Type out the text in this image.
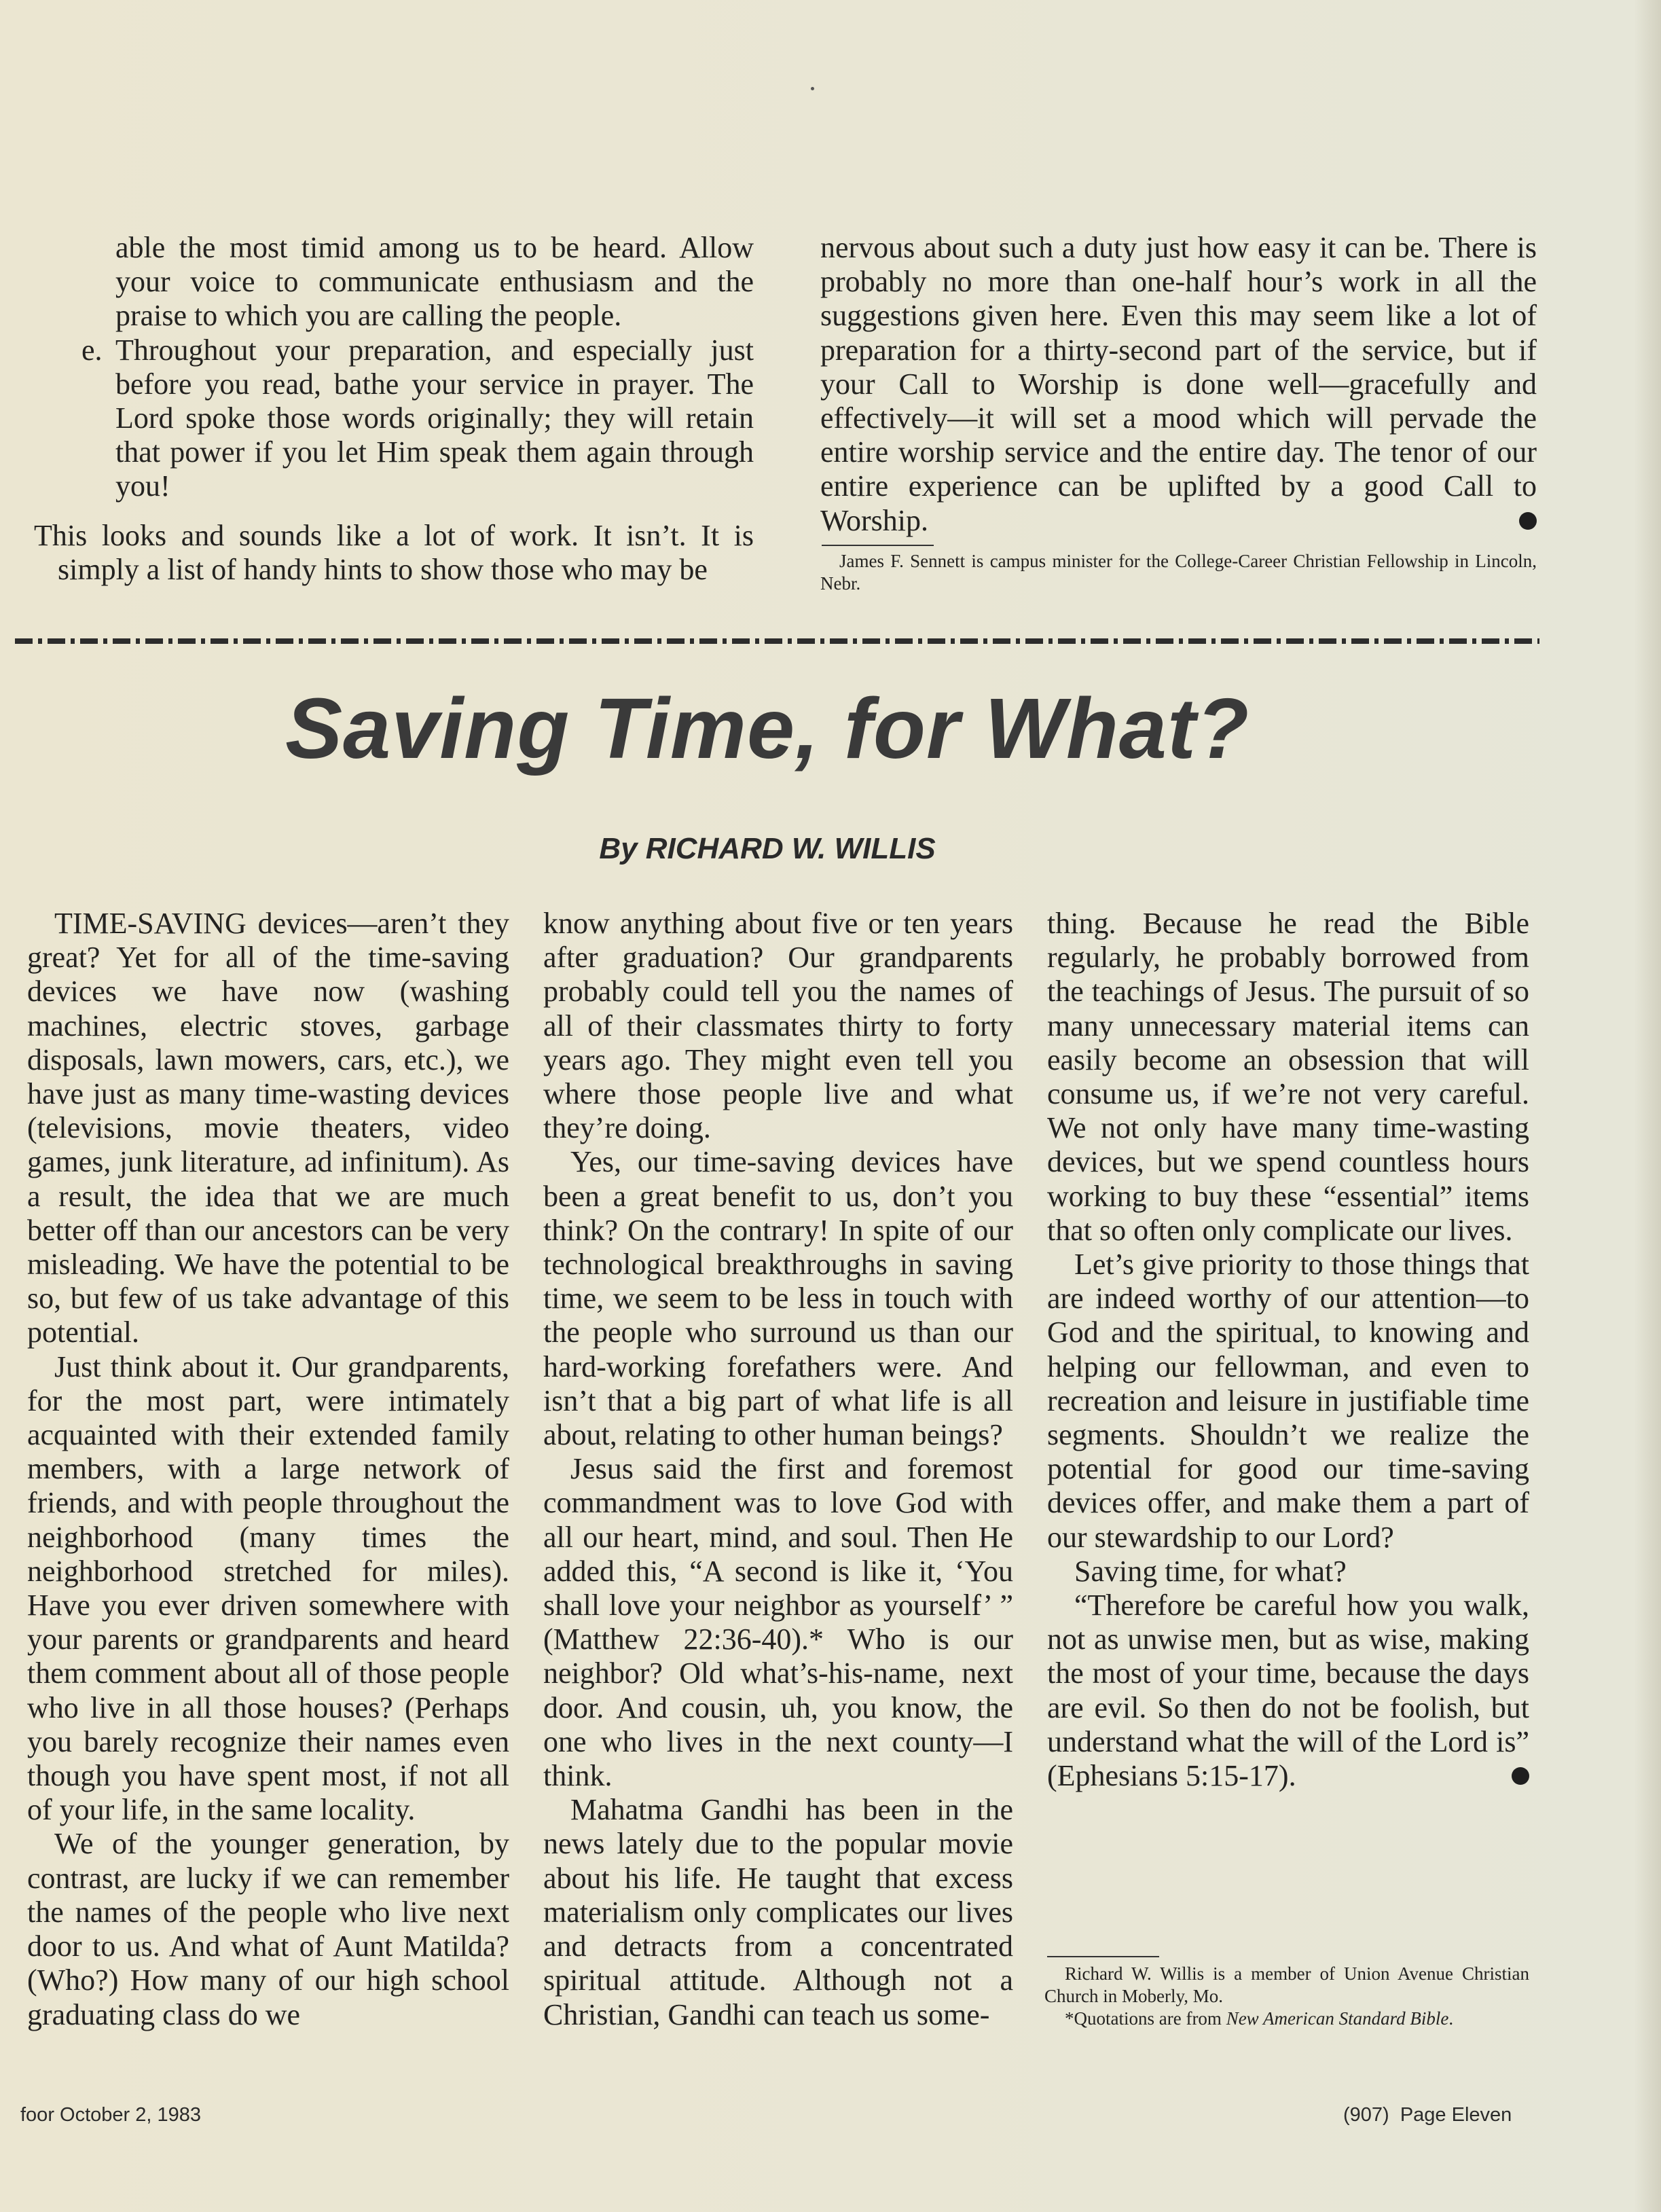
able the most timid among us to be heard. Allow your voice to communicate enthusiasm and the praise to which you are calling the people.
e. Throughout your preparation, and especially just before you read, bathe your service in prayer. The Lord spoke those words originally; they will retain that power if you let Him speak them again through you!

This looks and sounds like a lot of work. It isn’t. It is simply a list of handy hints to show those who may be

nervous about such a duty just how easy it can be. There is probably no more than one-half hour’s work in all the suggestions given here. Even this may seem like a lot of preparation for a thirty-second part of the service, but if your Call to Worship is done well—gracefully and effectively—it will set a mood which will pervade the entire worship service and the entire day. The tenor of our entire experience can be uplifted by a good Call to Worship.

James F. Sennett is campus minister for the College-Career Christian Fellowship in Lincoln, Nebr.

Saving Time, for What?
By RICHARD W. WILLIS

TIME-SAVING devices—aren’t they great? Yet for all of the time-saving devices we have now (washing machines, electric stoves, garbage disposals, lawn mowers, cars, etc.), we have just as many time-wasting devices (televisions, movie theaters, video games, junk literature, ad infinitum). As a result, the idea that we are much better off than our ancestors can be very misleading. We have the potential to be so, but few of us take advantage of this potential.

Just think about it. Our grandparents, for the most part, were intimately acquainted with their extended family members, with a large network of friends, and with people throughout the neighborhood (many times the neighborhood stretched for miles). Have you ever driven somewhere with your parents or grandparents and heard them comment about all of those people who live in all those houses? (Perhaps you barely recognize their names even though you have spent most, if not all of your life, in the same locality.

We of the younger generation, by contrast, are lucky if we can remember the names of the people who live next door to us. And what of Aunt Matilda? (Who?) How many of our high school graduating class do we

know anything about five or ten years after graduation? Our grandparents probably could tell you the names of all of their classmates thirty to forty years ago. They might even tell you where those people live and what they’re doing.

Yes, our time-saving devices have been a great benefit to us, don’t you think? On the contrary! In spite of our technological breakthroughs in saving time, we seem to be less in touch with the people who surround us than our hard-working forefathers were. And isn’t that a big part of what life is all about, relating to other human beings?

Jesus said the first and foremost commandment was to love God with all our heart, mind, and soul. Then He added this, “A second is like it, ‘You shall love your neighbor as yourself’ ” (Matthew 22:36-40).* Who is our neighbor? Old what’s-his-name, next door. And cousin, uh, you know, the one who lives in the next county—I think.

Mahatma Gandhi has been in the news lately due to the popular movie about his life. He taught that excess materialism only complicates our lives and detracts from a concentrated spiritual attitude. Although not a Christian, Gandhi can teach us some-

thing. Because he read the Bible regularly, he probably borrowed from the teachings of Jesus. The pursuit of so many unnecessary material items can easily become an obsession that will consume us, if we’re not very careful. We not only have many time-wasting devices, but we spend countless hours working to buy these “essential” items that so often only complicate our lives.

Let’s give priority to those things that are indeed worthy of our attention—to God and the spiritual, to knowing and helping our fellowman, and even to recreation and leisure in justifiable time segments. Shouldn’t we realize the potential for good our time-saving devices offer, and make them a part of our stewardship to our Lord?

Saving time, for what?

“Therefore be careful how you walk, not as unwise men, but as wise, making the most of your time, because the days are evil. So then do not be foolish, but understand what the will of the Lord is” (Ephesians 5:15-17).

Richard W. Willis is a member of Union Avenue Christian Church in Moberly, Mo.

*Quotations are from New American Standard Bible.

foor October 2, 1983	(907) Page Eleven
